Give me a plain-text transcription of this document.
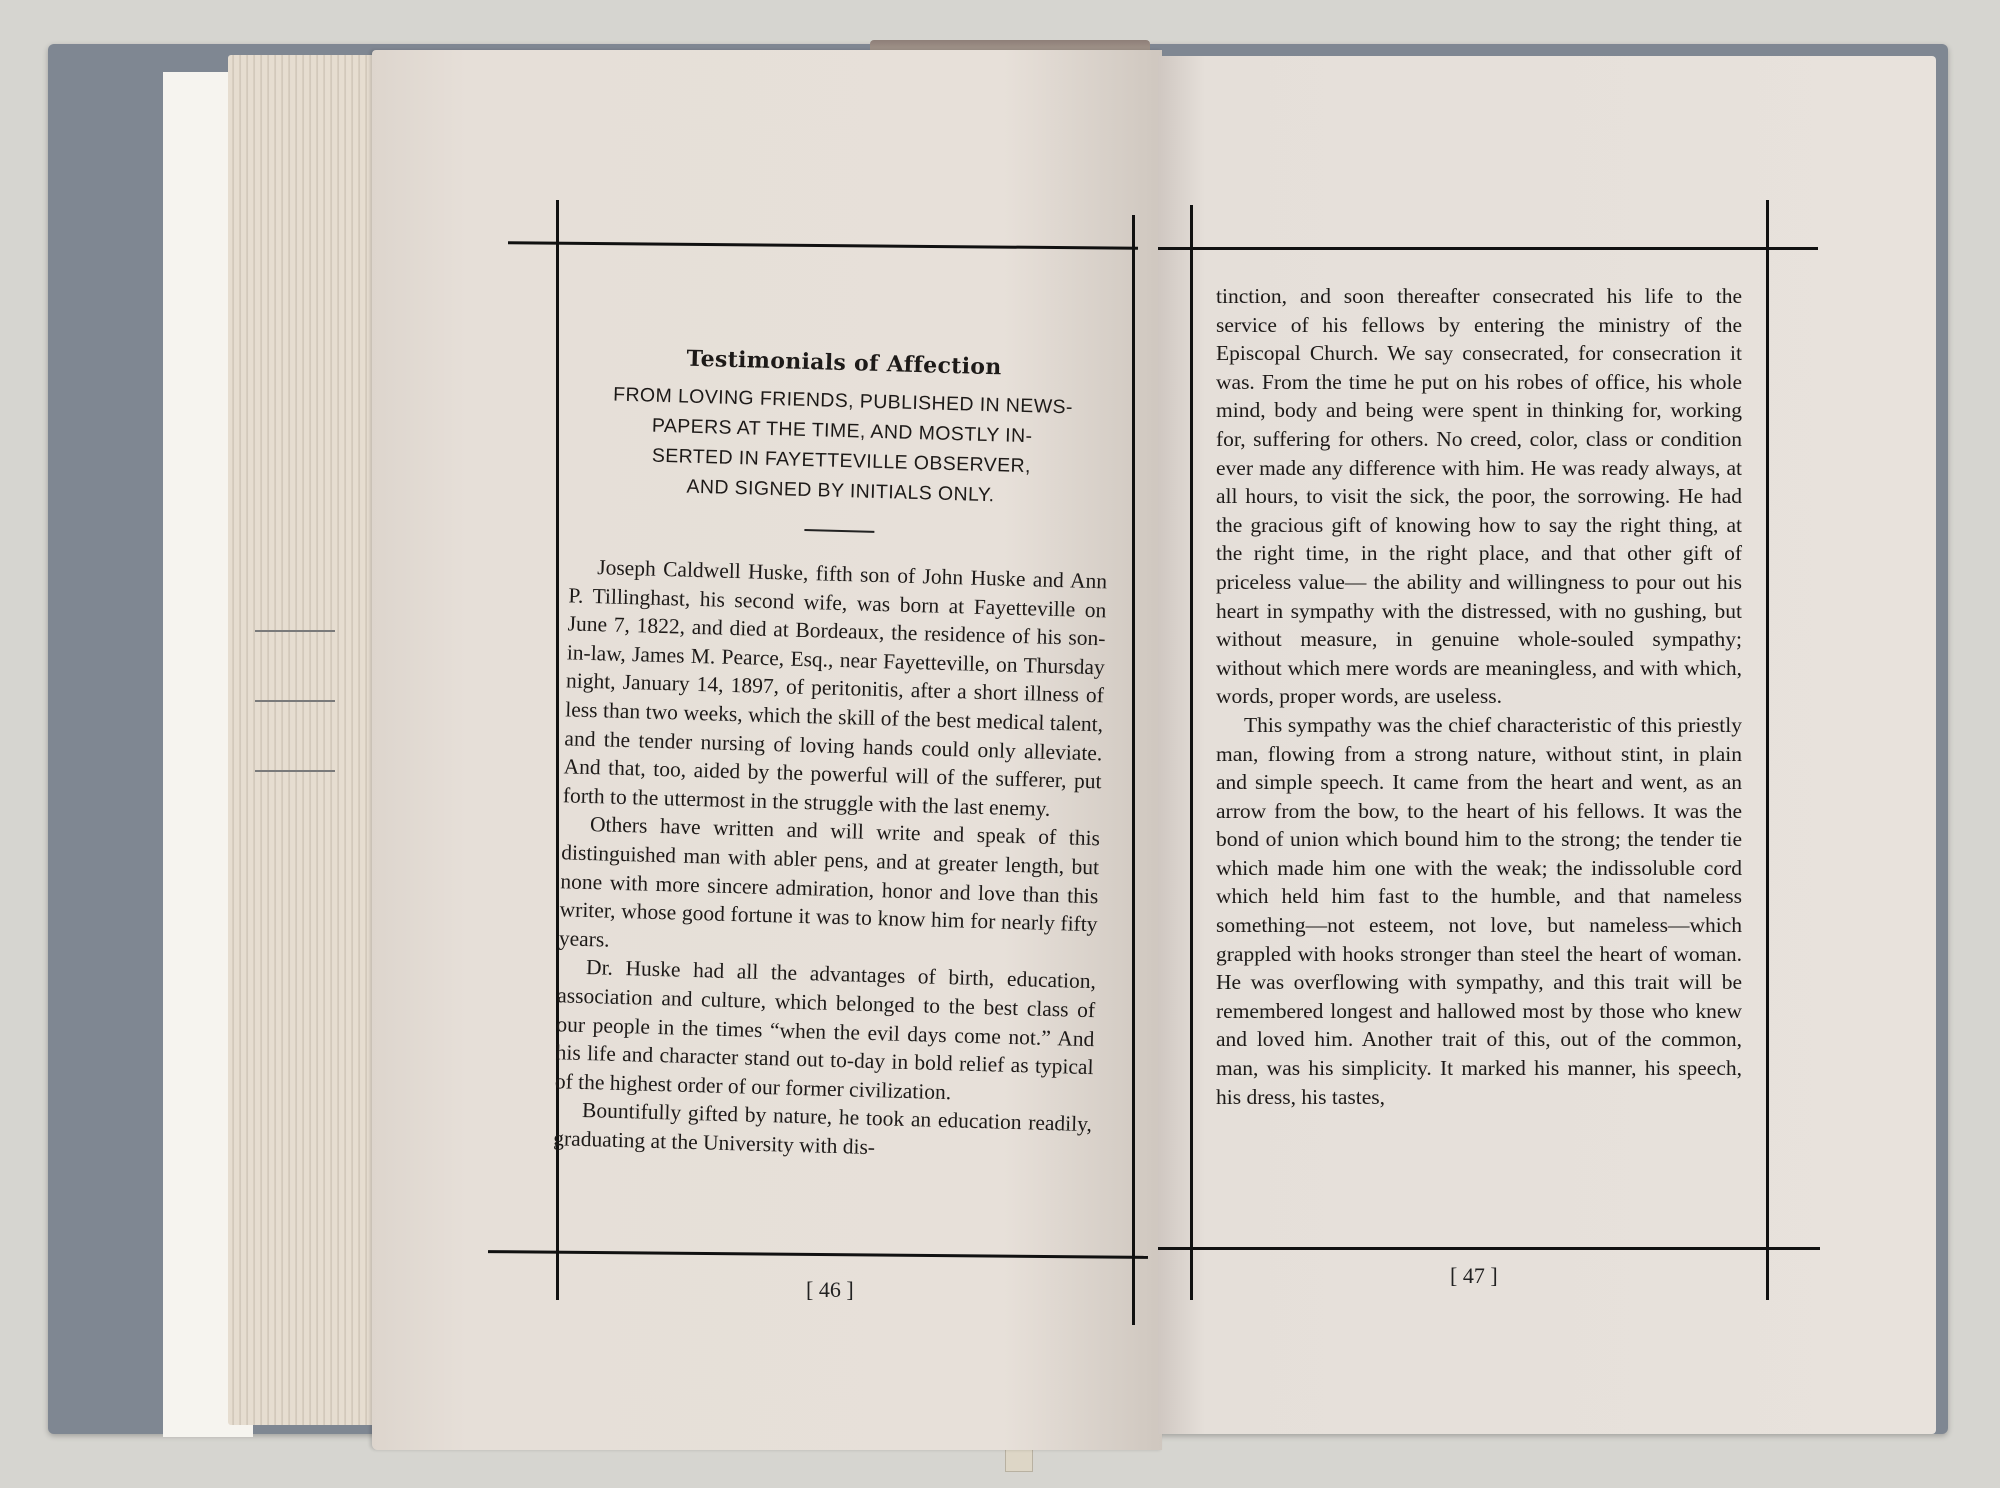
Testimonials of Affection
FROM LOVING FRIENDS, PUBLISHED IN NEWS-
PAPERS AT THE TIME, AND MOSTLY IN-
SERTED IN FAYETTEVILLE OBSERVER,
AND SIGNED BY INITIALS ONLY.

Joseph Caldwell Huske, fifth son of John Huske and Ann P. Tillinghast, his second wife, was born at Fayetteville on June 7, 1822, and died at Bordeaux, the residence of his son-in-law, James M. Pearce, Esq., near Fayetteville, on Thursday night, January 14, 1897, of peritonitis, after a short illness of less than two weeks, which the skill of the best medical talent, and the tender nursing of loving hands could only alleviate. And that, too, aided by the powerful will of the sufferer, put forth to the uttermost in the struggle with the last enemy.

Others have written and will write and speak of this distinguished man with abler pens, and at greater length, but none with more sincere admiration, honor and love than this writer, whose good fortune it was to know him for nearly fifty years.

Dr. Huske had all the advantages of birth, education, association and culture, which belonged to the best class of our people in the times “when the evil days come not.” And his life and character stand out to-day in bold relief as typical of the highest order of our former civilization.

Bountifully gifted by nature, he took an education readily, graduating at the University with dis-

[ 46 ]

tinction, and soon thereafter consecrated his life to the service of his fellows by entering the ministry of the Episcopal Church. We say consecrated, for consecration it was. From the time he put on his robes of office, his whole mind, body and being were spent in thinking for, working for, suffering for others. No creed, color, class or condition ever made any difference with him. He was ready always, at all hours, to visit the sick, the poor, the sorrowing. He had the gracious gift of knowing how to say the right thing, at the right time, in the right place, and that other gift of priceless value— the ability and willingness to pour out his heart in sympathy with the distressed, with no gushing, but without measure, in genuine whole-souled sympathy; without which mere words are meaningless, and with which, words, proper words, are useless.

This sympathy was the chief characteristic of this priestly man, flowing from a strong nature, without stint, in plain and simple speech. It came from the heart and went, as an arrow from the bow, to the heart of his fellows. It was the bond of union which bound him to the strong; the tender tie which made him one with the weak; the indissoluble cord which held him fast to the humble, and that nameless something—not esteem, not love, but nameless—which grappled with hooks stronger than steel the heart of woman. He was overflowing with sympathy, and this trait will be remembered longest and hallowed most by those who knew and loved him. Another trait of this, out of the common, man, was his simplicity. It marked his manner, his speech, his dress, his tastes,

[ 47 ]
